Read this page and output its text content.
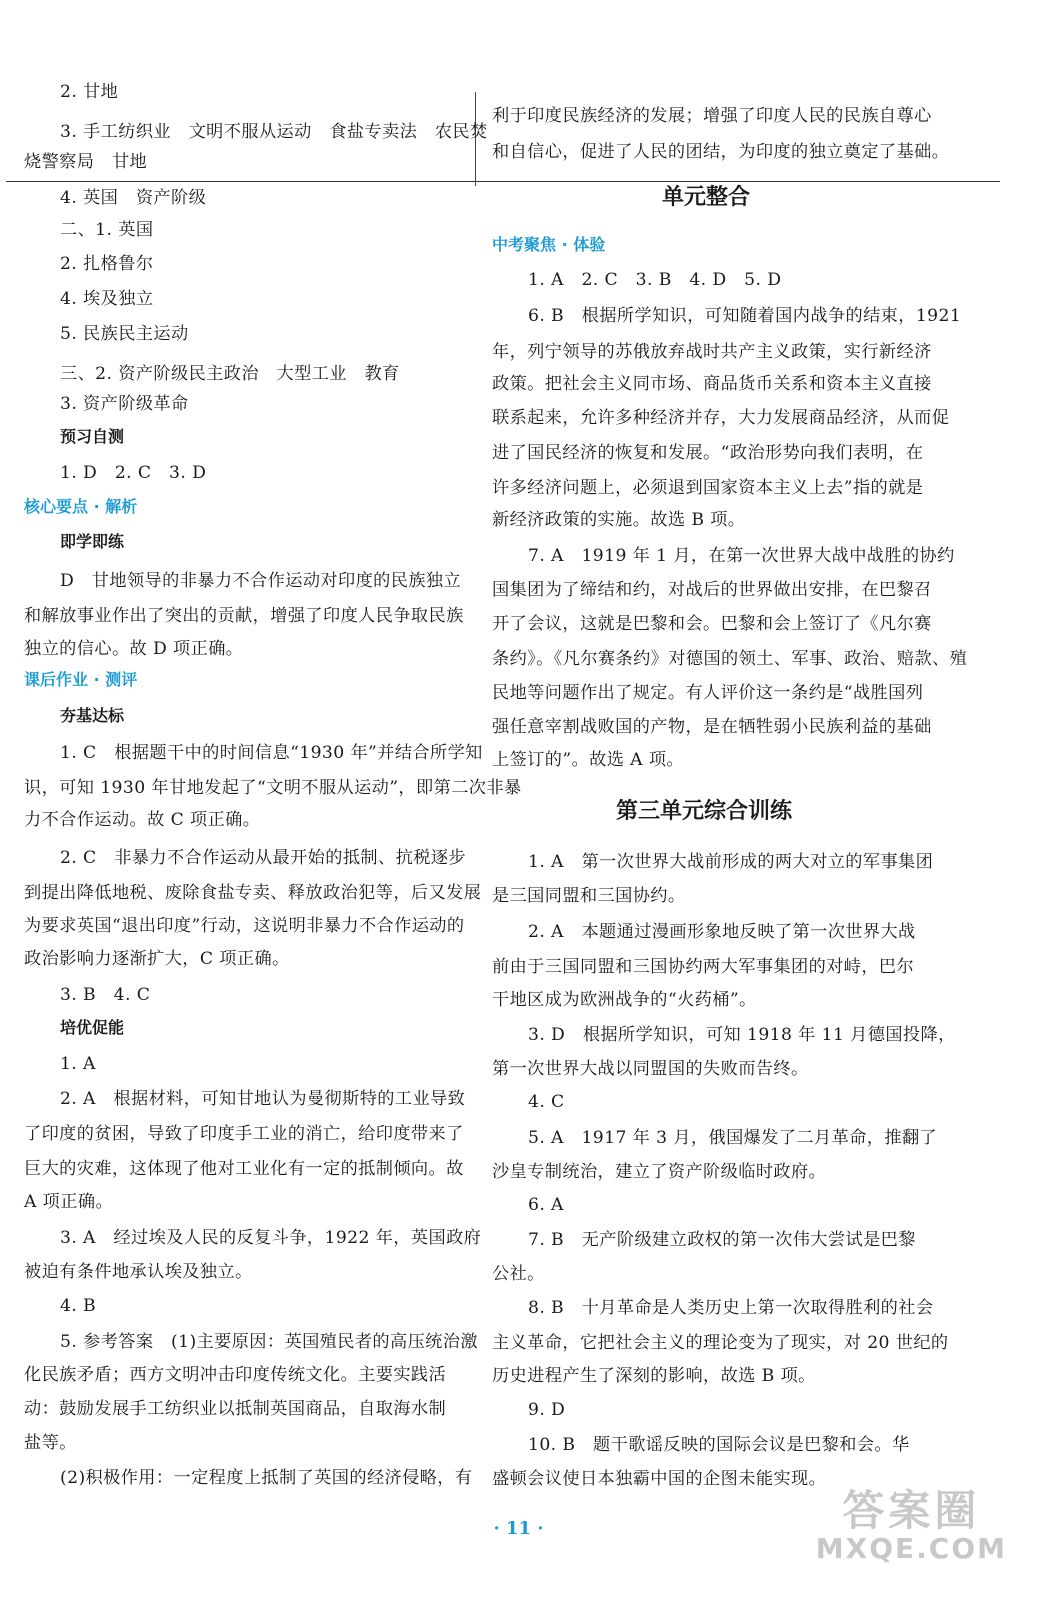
2. 甘地
3. 手工纺织业　文明不服从运动　食盐专卖法　农民焚
烧警察局　甘地
4. 英国　资产阶级
二、1. 英国
2. 扎格鲁尔
4. 埃及独立
5. 民族民主运动
三、2. 资产阶级民主政治　大型工业　教育
3. 资产阶级革命
预习自测
1. D　2. C　3. D
核心要点 · 解析
即学即练
D　甘地领导的非暴力不合作运动对印度的民族独立
和解放事业作出了突出的贡献，增强了印度人民争取民族
独立的信心。故 D 项正确。
课后作业 · 测评
夯基达标
1. C　根据题干中的时间信息“1930 年”并结合所学知
识，可知 1930 年甘地发起了“文明不服从运动”，即第二次非暴
力不合作运动。故 C 项正确。
2. C　非暴力不合作运动从最开始的抵制、抗税逐步
到提出降低地税、废除食盐专卖、释放政治犯等，后又发展
为要求英国“退出印度”行动，这说明非暴力不合作运动的
政治影响力逐渐扩大，C 项正确。
3. B　4. C
培优促能
1. A
2. A　根据材料，可知甘地认为曼彻斯特的工业导致
了印度的贫困，导致了印度手工业的消亡，给印度带来了
巨大的灾难，这体现了他对工业化有一定的抵制倾向。故
A 项正确。
3. A　经过埃及人民的反复斗争，1922 年，英国政府
被迫有条件地承认埃及独立。
4. B
5. 参考答案　(1)主要原因：英国殖民者的高压统治激
化民族矛盾；西方文明冲击印度传统文化。主要实践活
动：鼓励发展手工纺织业以抵制英国商品，自取海水制
盐等。
(2)积极作用：一定程度上抵制了英国的经济侵略，有
利于印度民族经济的发展；增强了印度人民的民族自尊心
和自信心，促进了人民的团结，为印度的独立奠定了基础。
单元整合
中考聚焦 · 体验
1. A　2. C　3. B　4. D　5. D
6. B　根据所学知识，可知随着国内战争的结束，1921
年，列宁领导的苏俄放弃战时共产主义政策，实行新经济
政策。把社会主义同市场、商品货币关系和资本主义直接
联系起来，允许多种经济并存，大力发展商品经济，从而促
进了国民经济的恢复和发展。“政治形势向我们表明，在
许多经济问题上，必须退到国家资本主义上去”指的就是
新经济政策的实施。故选 B 项。
7. A　1919 年 1 月，在第一次世界大战中战胜的协约
国集团为了缔结和约，对战后的世界做出安排，在巴黎召
开了会议，这就是巴黎和会。巴黎和会上签订了《凡尔赛
条约》。《凡尔赛条约》对德国的领土、军事、政治、赔款、殖
民地等问题作出了规定。有人评价这一条约是“战胜国列
强任意宰割战败国的产物，是在牺牲弱小民族利益的基础
上签订的”。故选 A 项。
第三单元综合训练
1. A　第一次世界大战前形成的两大对立的军事集团
是三国同盟和三国协约。
2. A　本题通过漫画形象地反映了第一次世界大战
前由于三国同盟和三国协约两大军事集团的对峙，巴尔
干地区成为欧洲战争的“火药桶”。
3. D　根据所学知识，可知 1918 年 11 月德国投降，
第一次世界大战以同盟国的失败而告终。
4. C
5. A　1917 年 3 月，俄国爆发了二月革命，推翻了
沙皇专制统治，建立了资产阶级临时政府。
6. A
7. B　无产阶级建立政权的第一次伟大尝试是巴黎
公社。
8. B　十月革命是人类历史上第一次取得胜利的社会
主义革命，它把社会主义的理论变为了现实，对 20 世纪的
历史进程产生了深刻的影响，故选 B 项。
9. D
10. B　题干歌谣反映的国际会议是巴黎和会。华
盛顿会议使日本独霸中国的企图未能实现。
· 11 ·	答案圈
MXQE.COM
